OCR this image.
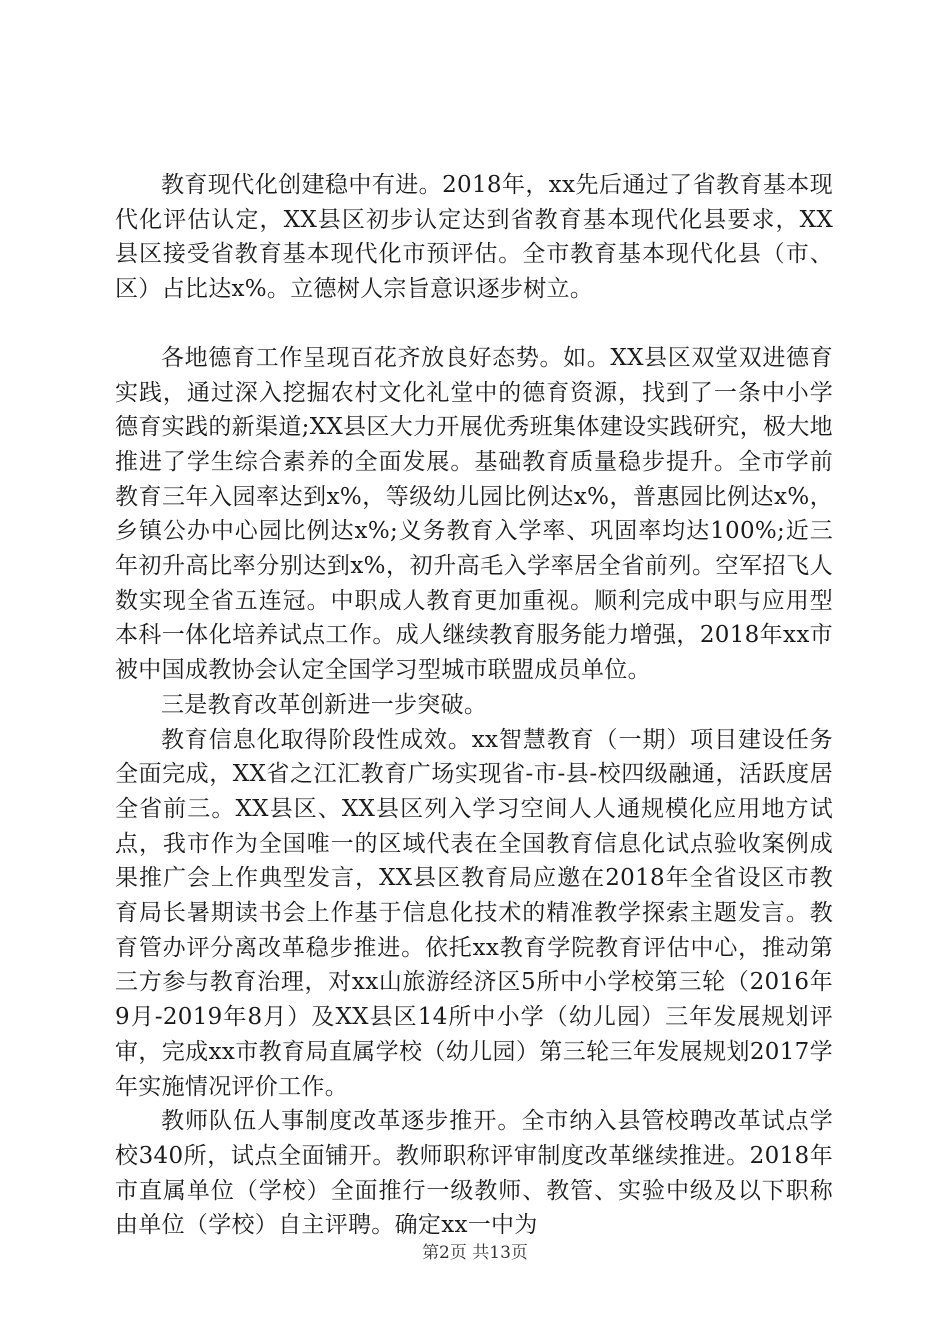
教育现代化创建稳中有进。2018年，xx先后通过了省教育基本现代化评估认定，XX县区初步认定达到省教育基本现代化县要求，XX县区接受省教育基本现代化市预评估。全市教育基本现代化县（市、区）占比达x%。立德树人宗旨意识逐步树立。

各地德育工作呈现百花齐放良好态势。如。XX县区双堂双进德育实践，通过深入挖掘农村文化礼堂中的德育资源，找到了一条中小学德育实践的新渠道;XX县区大力开展优秀班集体建设实践研究，极大地推进了学生综合素养的全面发展。基础教育质量稳步提升。全市学前教育三年入园率达到x%，等级幼儿园比例达x%，普惠园比例达x%，乡镇公办中心园比例达x%;义务教育入学率、巩固率均达100%;近三年初升高比率分别达到x%，初升高毛入学率居全省前列。空军招飞人数实现全省五连冠。中职成人教育更加重视。顺利完成中职与应用型本科一体化培养试点工作。成人继续教育服务能力增强，2018年xx市被中国成教协会认定全国学习型城市联盟成员单位。

三是教育改革创新进一步突破。

教育信息化取得阶段性成效。xx智慧教育（一期）项目建设任务全面完成，XX省之江汇教育广场实现省-市-县-校四级融通，活跃度居全省前三。XX县区、XX县区列入学习空间人人通规模化应用地方试点，我市作为全国唯一的区域代表在全国教育信息化试点验收案例成果推广会上作典型发言，XX县区教育局应邀在2018年全省设区市教育局长暑期读书会上作基于信息化技术的精准教学探索主题发言。教育管办评分离改革稳步推进。依托xx教育学院教育评估中心，推动第三方参与教育治理，对xx山旅游经济区5所中小学校第三轮（2016年9月-2019年8月）及XX县区14所中小学（幼儿园）三年发展规划评审，完成xx市教育局直属学校（幼儿园）第三轮三年发展规划2017学年实施情况评价工作。

教师队伍人事制度改革逐步推开。全市纳入县管校聘改革试点学校340所，试点全面铺开。教师职称评审制度改革继续推进。2018年市直属单位（学校）全面推行一级教师、教管、实验中级及以下职称由单位（学校）自主评聘。确定xx一中为

第2页 共13页
